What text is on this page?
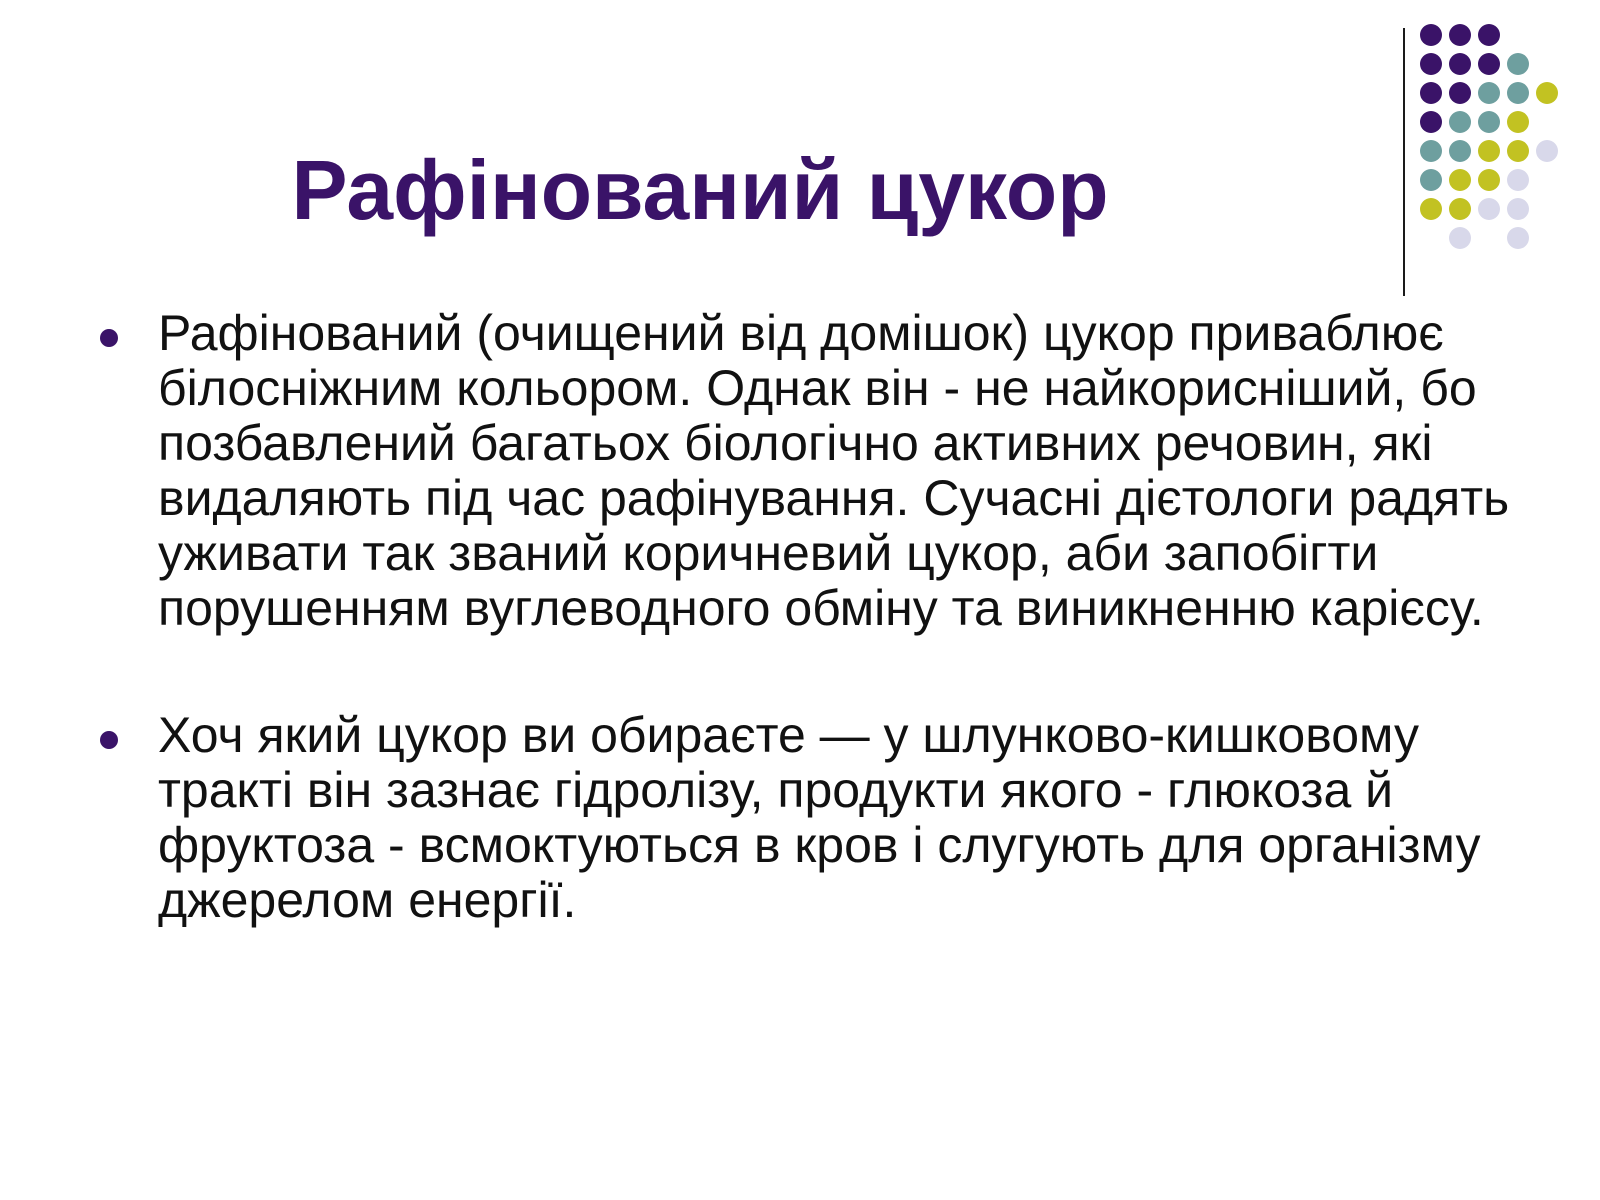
Рафінований цукор

Рафінований (очищений від домішок) цукор приваблює білосніжним кольором. Однак він - не найкорисніший, бо позбавлений багатьох біологічно активних речовин, які видаляють під час рафінування. Сучасні дієтологи радять уживати так званий коричневий цукор, аби запобігти порушенням вуглеводного обміну та виникненню карієсу.

Хоч який цукор ви обираєте — у шлунково-кишковому тракті він зазнає гідролізу, продукти якого - глюкоза й фруктоза - всмоктуються в кров і слугують для організму джерелом енергії.
